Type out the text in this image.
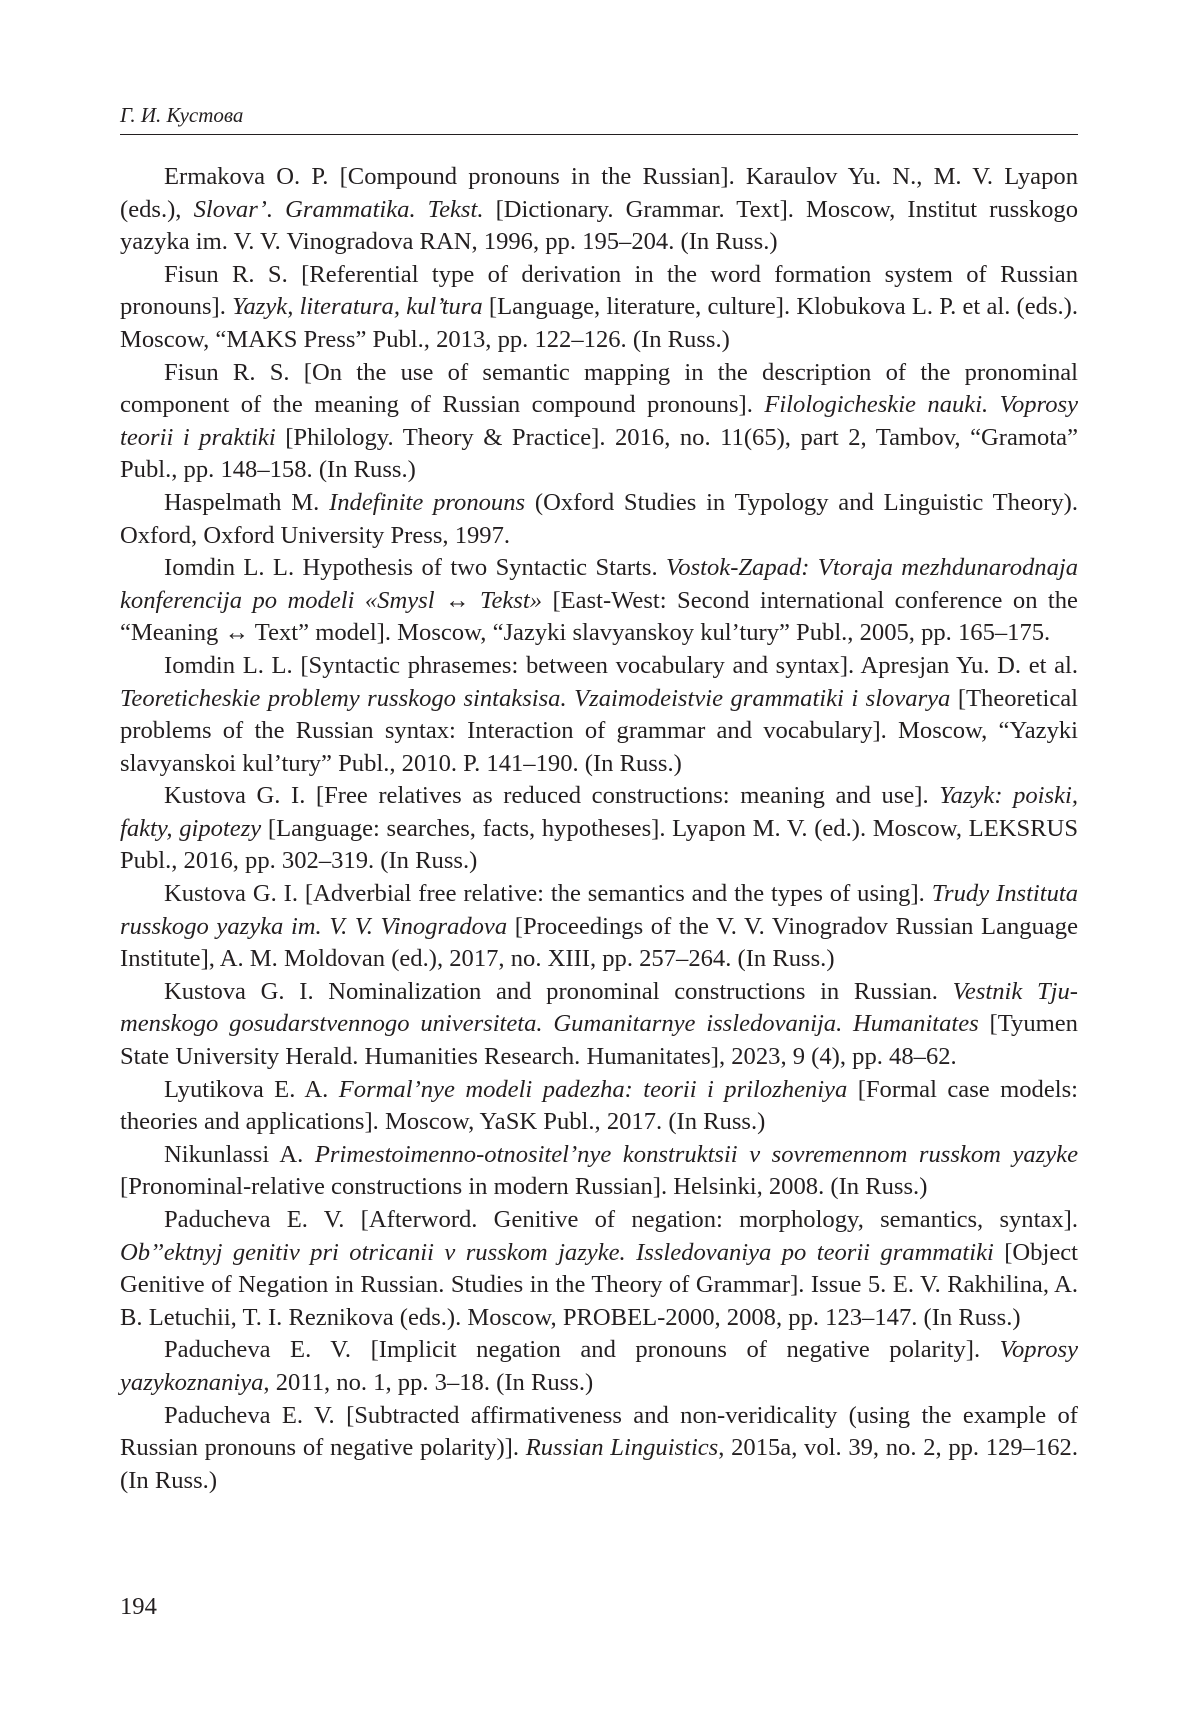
Г. И. Кустова

Ermakova O. P. [Compound pronouns in the Russian]. Karaulov Yu. N., M. V. Lyapon (eds.), Slovar’. Grammatika. Tekst. [Dictionary. Grammar. Text]. Moscow, Institut russkogo yazyka im. V. V. Vinogradova RAN, 1996, pp. 195–204. (In Russ.)

Fisun R. S. [Referential type of derivation in the word formation system of Russian pronouns]. Yazyk, literatura, kul’tura [Language, literature, culture]. Klobukova L. P. et al. (eds.). Moscow, “MAKS Press” Publ., 2013, pp. 122–126. (In Russ.)

Fisun R. S. [On the use of semantic mapping in the description of the pronominal component of the meaning of Russian compound pronouns]. Filologicheskie nauki. Voprosy teorii i praktiki [Philology. Theory & Practice]. 2016, no. 11(65), part 2, Tambov, “Gramota” Publ., pp. 148–158. (In Russ.)

Haspelmath M. Indefinite pronouns (Oxford Studies in Typology and Linguistic Theory). Oxford, Oxford University Press, 1997.

Iomdin L. L. Hypothesis of two Syntactic Starts. Vostok-Zapad: Vtoraja mezhdunarodnaja konferencija po modeli «Smysl ↔ Tekst» [East-West: Second international conference on the “Meaning ↔ Text” model]. Moscow, “Jazyki slavyanskoy kul’tury” Publ., 2005, pp. 165–175.

Iomdin L. L. [Syntactic phrasemes: between vocabulary and syntax]. Apresjan Yu. D. et al. Teoreticheskie problemy russkogo sintaksisa. Vzaimodeistvie grammatiki i slovarya [Theoretical problems of the Russian syntax: Interaction of grammar and vocabulary]. Moscow, “Yazyki slavyanskoi kul’tury” Publ., 2010. P. 141–190. (In Russ.)

Kustova G. I. [Free relatives as reduced constructions: meaning and use]. Yazyk: poiski, fakty, gipotezy [Language: searches, facts, hypotheses]. Lyapon M. V. (ed.). Moscow, LEKSRUS Publ., 2016, pp. 302–319. (In Russ.)

Kustova G. I. [Adverbial free relative: the semantics and the types of using]. Trudy Instituta russkogo yazyka im. V. V. Vinogradova [Proceedings of the V. V. Vinogradov Russian Language Institute], A. M. Moldovan (ed.), 2017, no. XIII, pp. 257–264. (In Russ.)

Kustova G. I. Nominalization and pronominal constructions in Russian. Vestnik Tjumenskogo gosudarstvennogo universiteta. Gumanitarnye issledovanija. Humanitates [Tyumen State University Herald. Humanities Research. Humanitates], 2023, 9 (4), pp. 48–62.

Lyutikova E. A. Formal’nye modeli padezha: teorii i prilozheniya [Formal case models: theories and applications]. Moscow, YaSK Publ., 2017. (In Russ.)

Nikunlassi A. Primestoimenno-otnositel’nye konstruktsii v sovremennom russkom yazyke [Pronominal-relative constructions in modern Russian]. Helsinki, 2008. (In Russ.)

Paducheva E. V. [Afterword. Genitive of negation: morphology, semantics, syntax]. Ob’’ektnyj genitiv pri otricanii v russkom jazyke. Issledovaniya po teorii grammatiki [Object Genitive of Negation in Russian. Studies in the Theory of Grammar]. Issue 5. E. V. Rakhilina, A. B. Letuchii, T. I. Reznikova (eds.). Moscow, PROBEL-2000, 2008, pp. 123–147. (In Russ.)

Paducheva E. V. [Implicit negation and pronouns of negative polarity]. Voprosy yazykoznaniya, 2011, no. 1, pp. 3–18. (In Russ.)

Paducheva E. V. [Subtracted affirmativeness and non-veridicality (using the example of Russian pronouns of negative polarity)]. Russian Linguistics, 2015a, vol. 39, no. 2, pp. 129–162. (In Russ.)

194
